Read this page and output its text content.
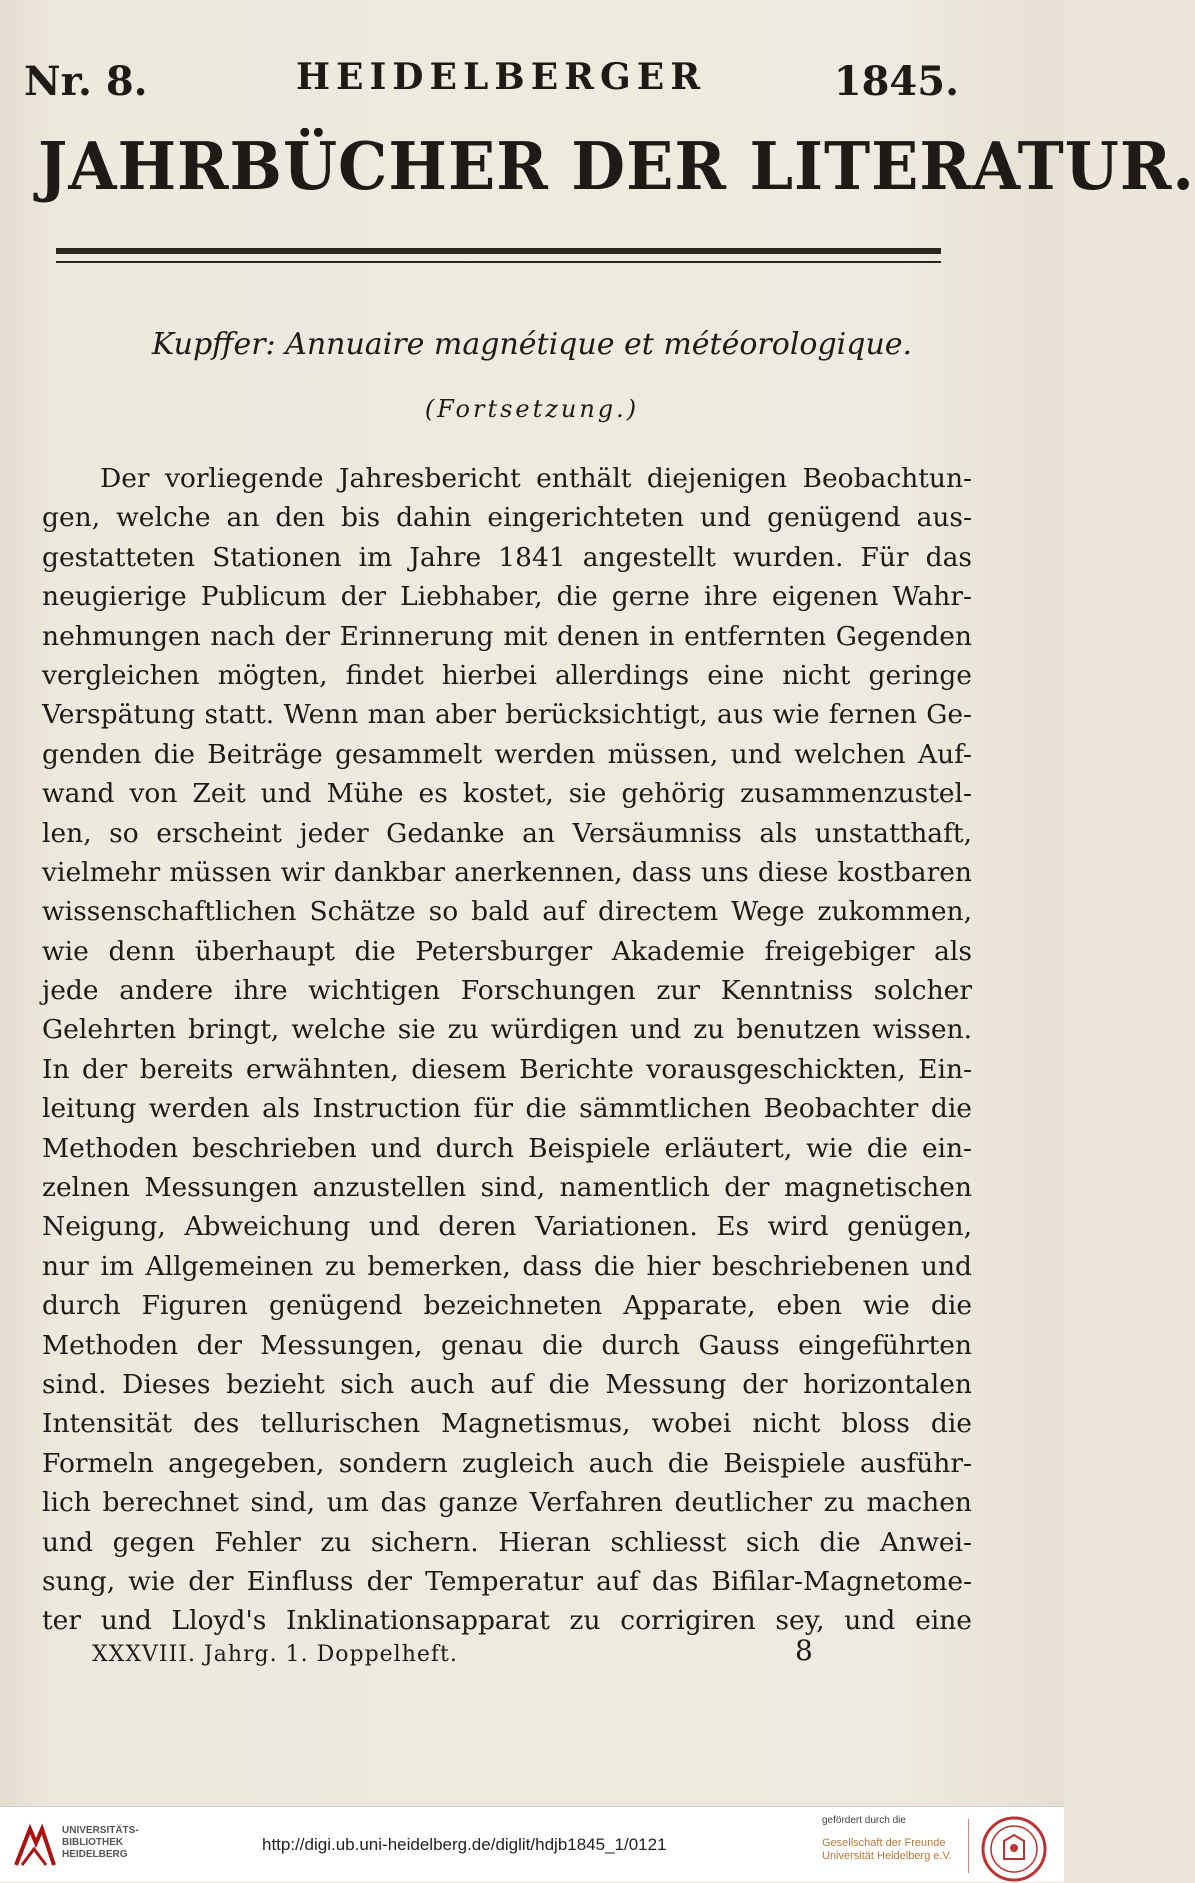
Nr. 8.	HEIDELBERGER	1845.
JAHRBÜCHER DER LITERATUR.
Kupffer: Annuaire magnétique et météorologique.
(Fortsetzung.)
Der vorliegende Jahresbericht enthält diejenigen Beobachtun-
gen, welche an den bis dahin eingerichteten und genügend aus-
gestatteten Stationen im Jahre 1841 angestellt wurden. Für das
neugierige Publicum der Liebhaber, die gerne ihre eigenen Wahr-
nehmungen nach der Erinnerung mit denen in entfernten Gegenden
vergleichen mögten, findet hierbei allerdings eine nicht geringe
Verspätung statt. Wenn man aber berücksichtigt, aus wie fernen Ge-
genden die Beiträge gesammelt werden müssen, und welchen Auf-
wand von Zeit und Mühe es kostet, sie gehörig zusammenzustel-
len, so erscheint jeder Gedanke an Versäumniss als unstatthaft,
vielmehr müssen wir dankbar anerkennen, dass uns diese kostbaren
wissenschaftlichen Schätze so bald auf directem Wege zukommen,
wie denn überhaupt die Petersburger Akademie freigebiger als
jede andere ihre wichtigen Forschungen zur Kenntniss solcher
Gelehrten bringt, welche sie zu würdigen und zu benutzen wissen.
In der bereits erwähnten, diesem Berichte vorausgeschickten, Ein-
leitung werden als Instruction für die sämmtlichen Beobachter die
Methoden beschrieben und durch Beispiele erläutert, wie die ein-
zelnen Messungen anzustellen sind, namentlich der magnetischen
Neigung, Abweichung und deren Variationen. Es wird genügen,
nur im Allgemeinen zu bemerken, dass die hier beschriebenen und
durch Figuren genügend bezeichneten Apparate, eben wie die
Methoden der Messungen, genau die durch Gauss eingeführten
sind. Dieses bezieht sich auch auf die Messung der horizontalen
Intensität des tellurischen Magnetismus, wobei nicht bloss die
Formeln angegeben, sondern zugleich auch die Beispiele ausführ-
lich berechnet sind, um das ganze Verfahren deutlicher zu machen
und gegen Fehler zu sichern. Hieran schliesst sich die Anwei-
sung, wie der Einfluss der Temperatur auf das Bifilar-Magnetome-
ter und Lloyd's Inklinationsapparat zu corrigiren sey, und eine
XXXVIII. Jahrg. 1. Doppelheft.	8
UNIVERSITÄTS-
BIBLIOTHEK
HEIDELBERG
http://digi.ub.uni-heidelberg.de/diglit/hdjb1845_1/0121
gefördert durch die
Gesellschaft der Freunde
Universität Heidelberg e.V.
